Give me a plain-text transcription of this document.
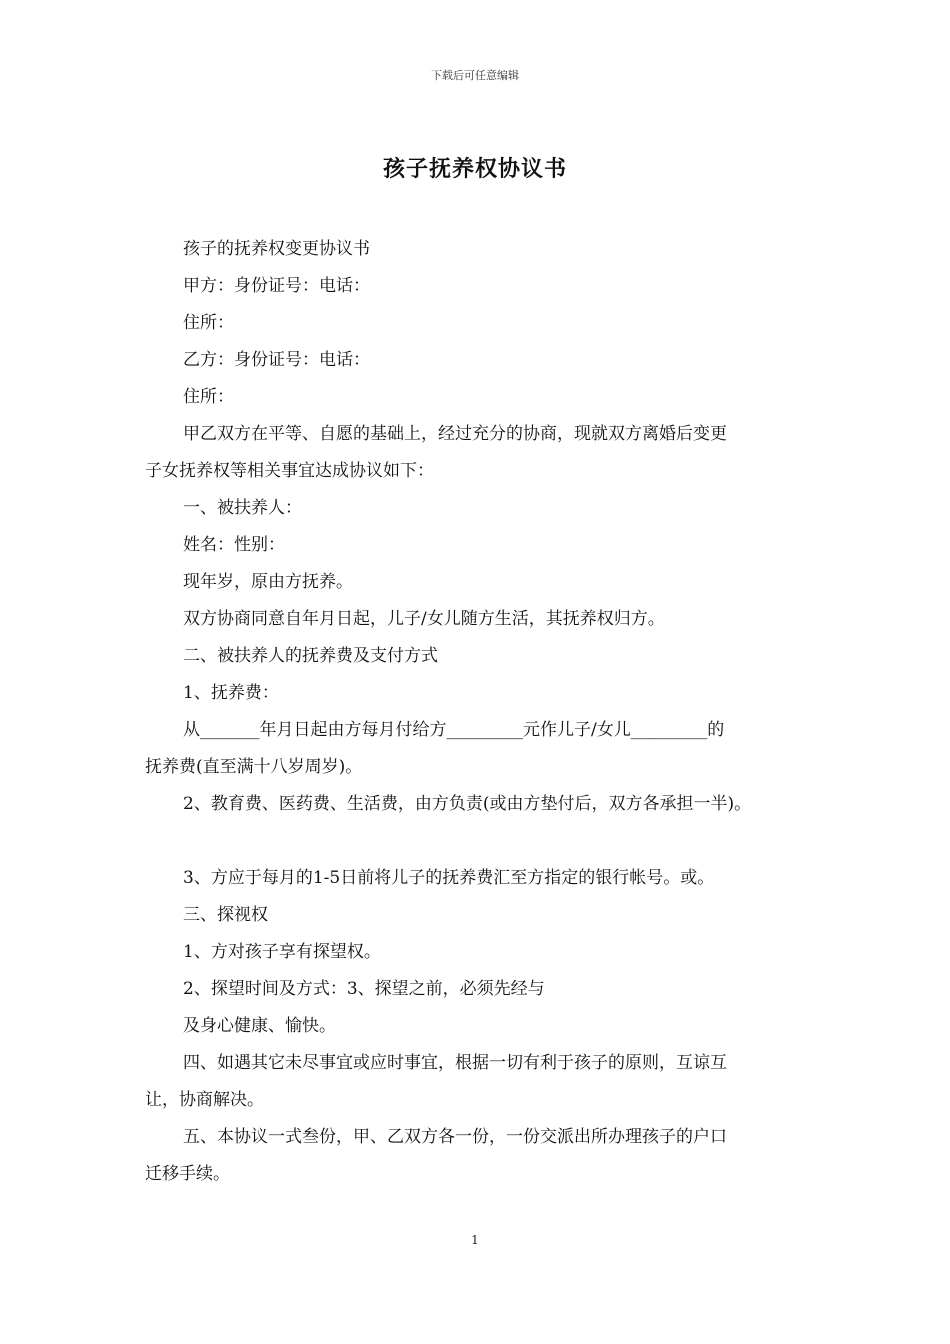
下载后可任意编辑
孩子抚养权协议书
孩子的抚养权变更协议书
甲方：身份证号：电话：
住所：
乙方：身份证号：电话：
住所：
甲乙双方在平等、自愿的基础上，经过充分的协商，现就双方离婚后变更
子女抚养权等相关事宜达成协议如下：
一、被扶养人：
姓名：性别：
现年岁，原由方抚养。
双方协商同意自年月日起，儿子/女儿随方生活，其抚养权归方。
二、被扶养人的抚养费及支付方式
1、抚养费：
从_______年月日起由方每月付给方_________元作儿子/女儿_________的
抚养费(直至满十八岁周岁)。
2、教育费、医药费、生活费，由方负责(或由方垫付后，双方各承担一半)。
3、方应于每月的1-5日前将儿子的抚养费汇至方指定的银行帐号。或。
三、探视权
1、方对孩子享有探望权。
2、探望时间及方式：3、探望之前，必须先经与
及身心健康、愉快。
四、如遇其它未尽事宜或应时事宜，根据一切有利于孩子的原则，互谅互
让，协商解决。
五、本协议一式叁份，甲、乙双方各一份，一份交派出所办理孩子的户口
迁移手续。
1
